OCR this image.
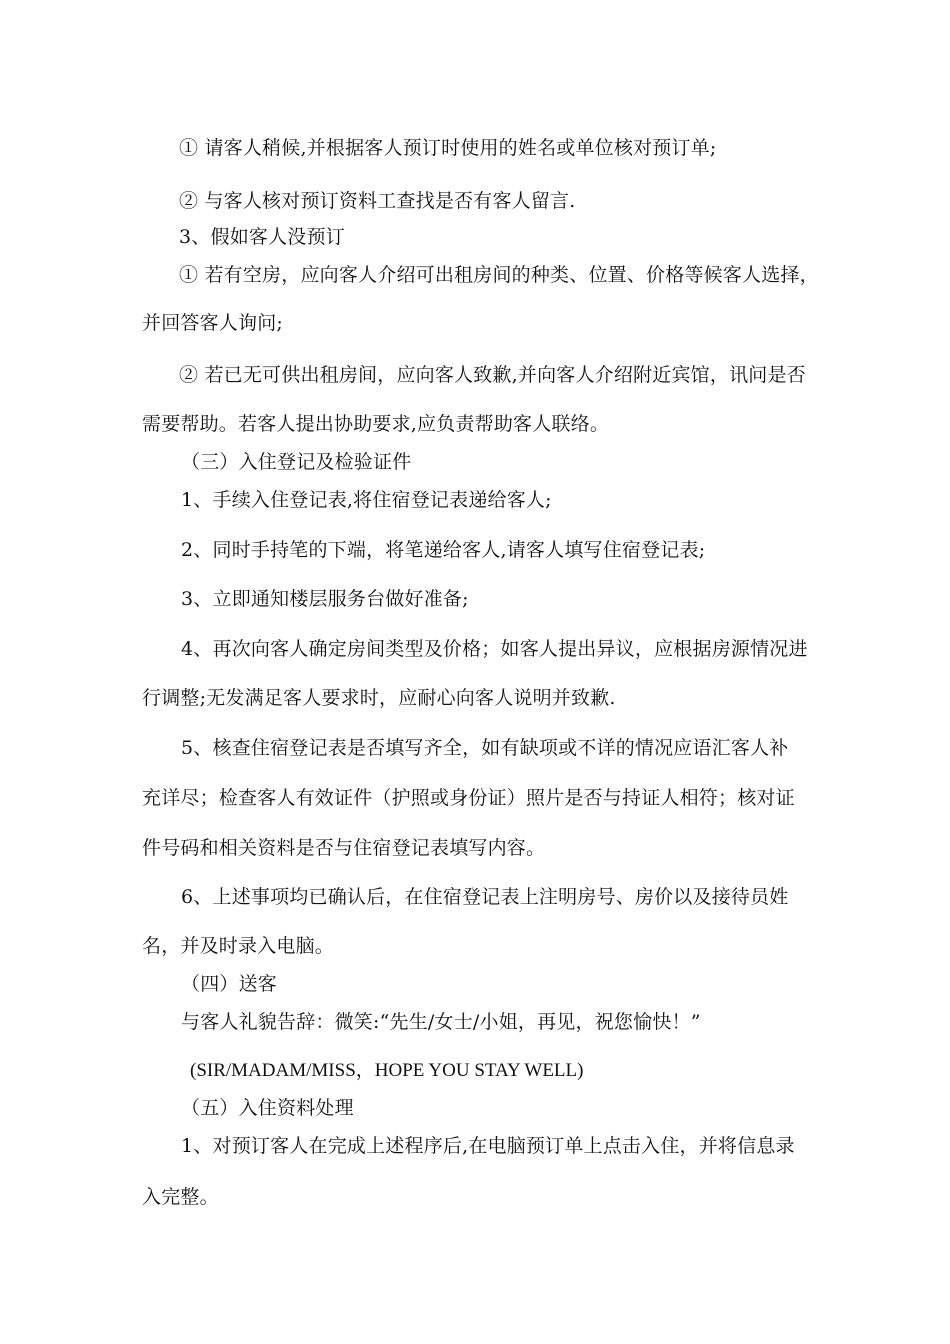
① 请客人稍候,并根据客人预订时使用的姓名或单位核对预订单;
② 与客人核对预订资料工查找是否有客人留言.
3、假如客人没预订
① 若有空房，应向客人介绍可出租房间的种类、位置、价格等候客人选择，
并回答客人询问;
② 若已无可供出租房间，应向客人致歉,并向客人介绍附近宾馆，讯问是否
需要帮助。若客人提出协助要求,应负责帮助客人联络。
（三）入住登记及检验证件
1、手续入住登记表,将住宿登记表递给客人;
2、同时手持笔的下端，将笔递给客人,请客人填写住宿登记表;
3、立即通知楼层服务台做好准备;
4、再次向客人确定房间类型及价格；如客人提出异议，应根据房源情况进
行调整;无发满足客人要求时，应耐心向客人说明并致歉.
5、核查住宿登记表是否填写齐全，如有缺项或不详的情况应语汇客人补
充详尽；检查客人有效证件（护照或身份证）照片是否与持证人相符；核对证
件号码和相关资料是否与住宿登记表填写内容。
6、上述事项均已确认后，在住宿登记表上注明房号、房价以及接待员姓
名，并及时录入电脑。
（四）送客
与客人礼貌告辞：微笑:“先生/女士/小姐，再见，祝您愉快！”
(SIR/MADAM/MISS，HOPE YOU STAY WELL)
（五）入住资料处理
1、对预订客人在完成上述程序后,在电脑预订单上点击入住，并将信息录
入完整。
